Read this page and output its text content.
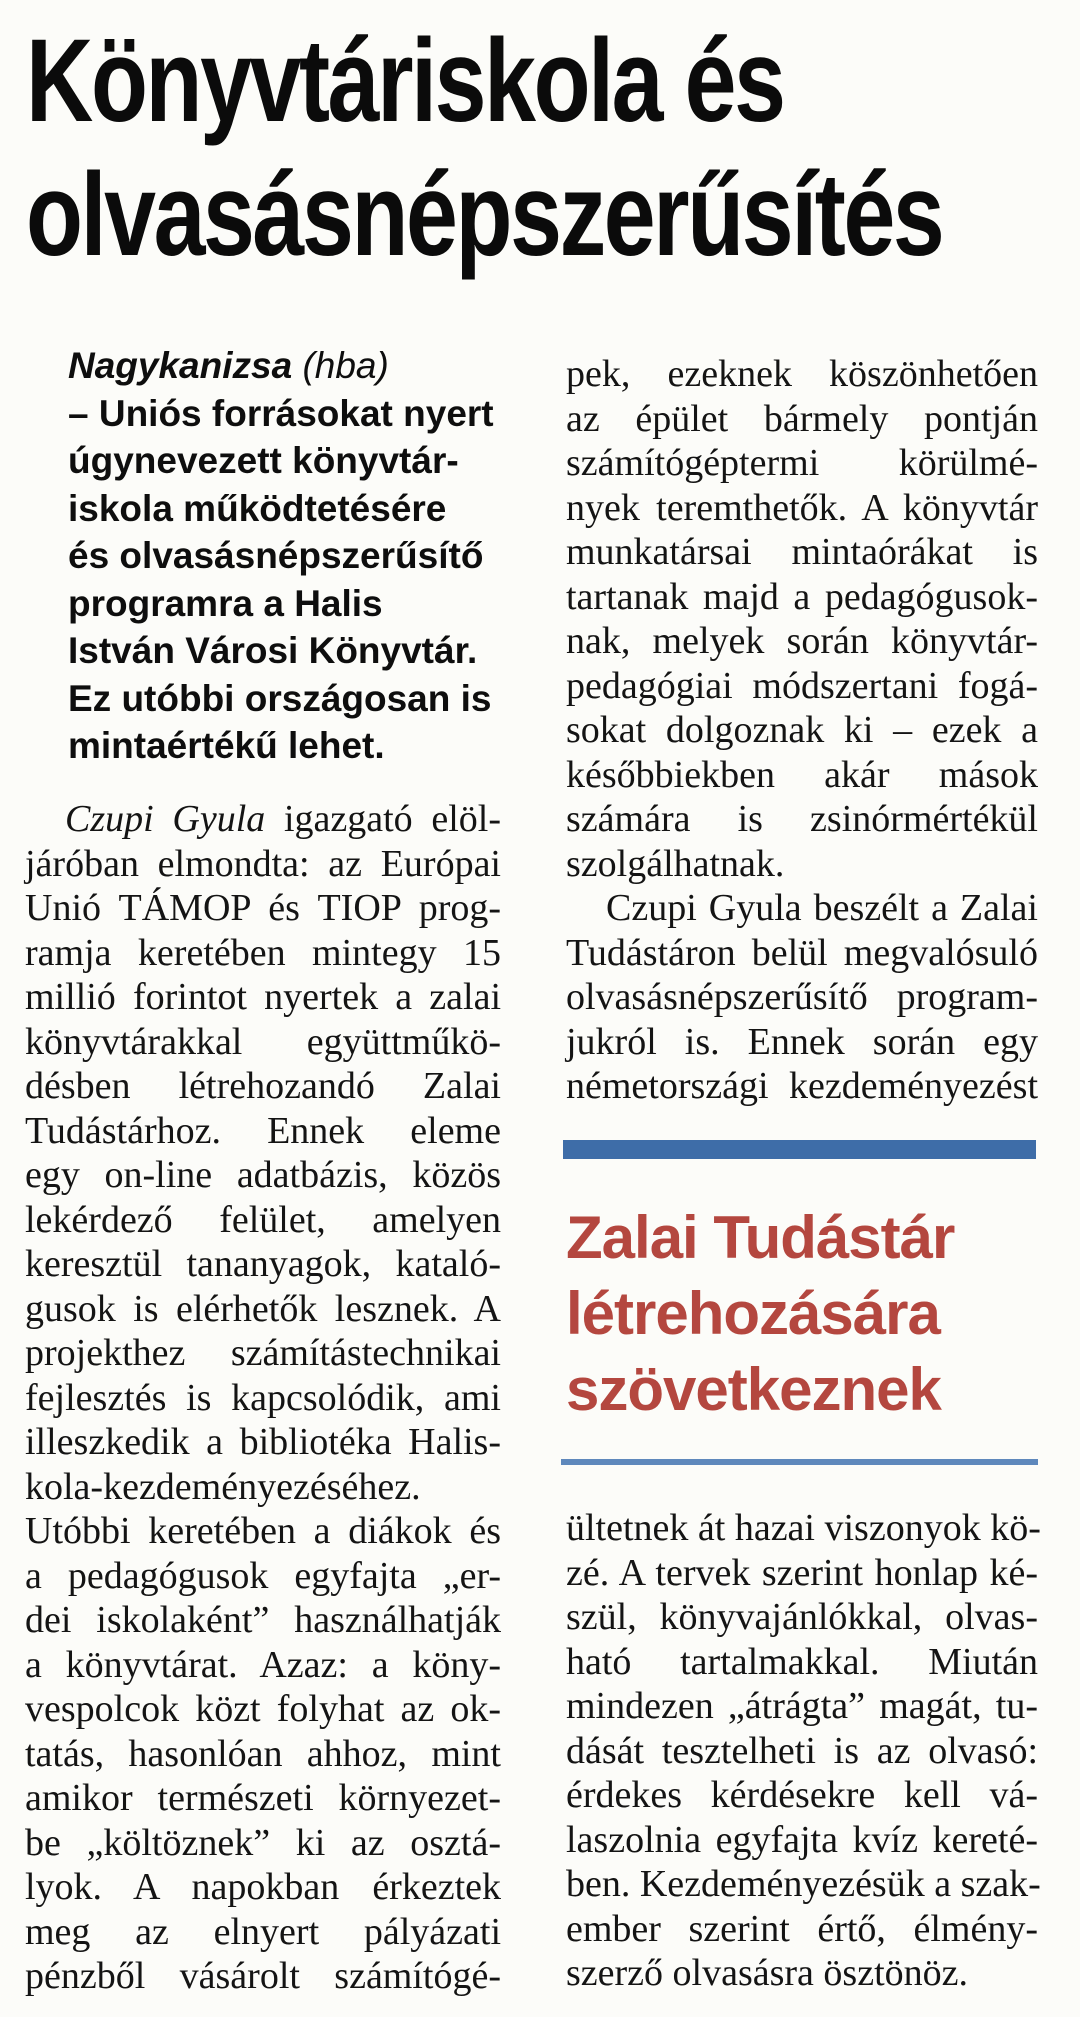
Könyvtáriskola és
olvasásnépszerűsítés
Nagykanizsa (hba)
– Uniós forrásokat nyert
úgynevezett könyvtár-
iskola működtetésére
és olvasásnépszerűsítő
programra a Halis
István Városi Könyvtár.
Ez utóbbi országosan is
mintaértékű lehet.
Czupi Gyula igazgató elöl-
járóban elmondta: az Európai
Unió TÁMOP és TIOP prog-
ramja keretében mintegy 15
millió forintot nyertek a zalai
könyvtárakkal együttműkö-
désben létrehozandó Zalai
Tudástárhoz. Ennek eleme
egy on-line adatbázis, közös
lekérdező felület, amelyen
keresztül tananyagok, kataló-
gusok is elérhetők lesznek. A
projekthez számítástechnikai
fejlesztés is kapcsolódik, ami
illeszkedik a bibliotéka Halis-
kola-kezdeményezéséhez.
Utóbbi keretében a diákok és
a pedagógusok egyfajta „er-
dei iskolaként” használhatják
a könyvtárat. Azaz: a köny-
vespolcok közt folyhat az ok-
tatás, hasonlóan ahhoz, mint
amikor természeti környezet-
be „költöznek” ki az osztá-
lyok. A napokban érkeztek
meg az elnyert pályázati
pénzből vásárolt számítógé-
pek, ezeknek köszönhetően
az épület bármely pontján
számítógéptermi körülmé-
nyek teremthetők. A könyvtár
munkatársai mintaórákat is
tartanak majd a pedagógusok-
nak, melyek során könyvtár-
pedagógiai módszertani fogá-
sokat dolgoznak ki – ezek a
későbbiekben akár mások
számára is zsinórmértékül
szolgálhatnak.
Czupi Gyula beszélt a Zalai
Tudástáron belül megvalósuló
olvasásnépszerűsítő program-
jukról is. Ennek során egy
németországi kezdeményezést
Zalai Tudástár
létrehozására
szövetkeznek
ültetnek át hazai viszonyok kö-
zé. A tervek szerint honlap ké-
szül, könyvajánlókkal, olvas-
ható tartalmakkal. Miután
mindezen „átrágta” magát, tu-
dását tesztelheti is az olvasó:
érdekes kérdésekre kell vá-
laszolnia egyfajta kvíz kereté-
ben. Kezdeményezésük a szak-
ember szerint értő, élmény-
szerző olvasásra ösztönöz.
